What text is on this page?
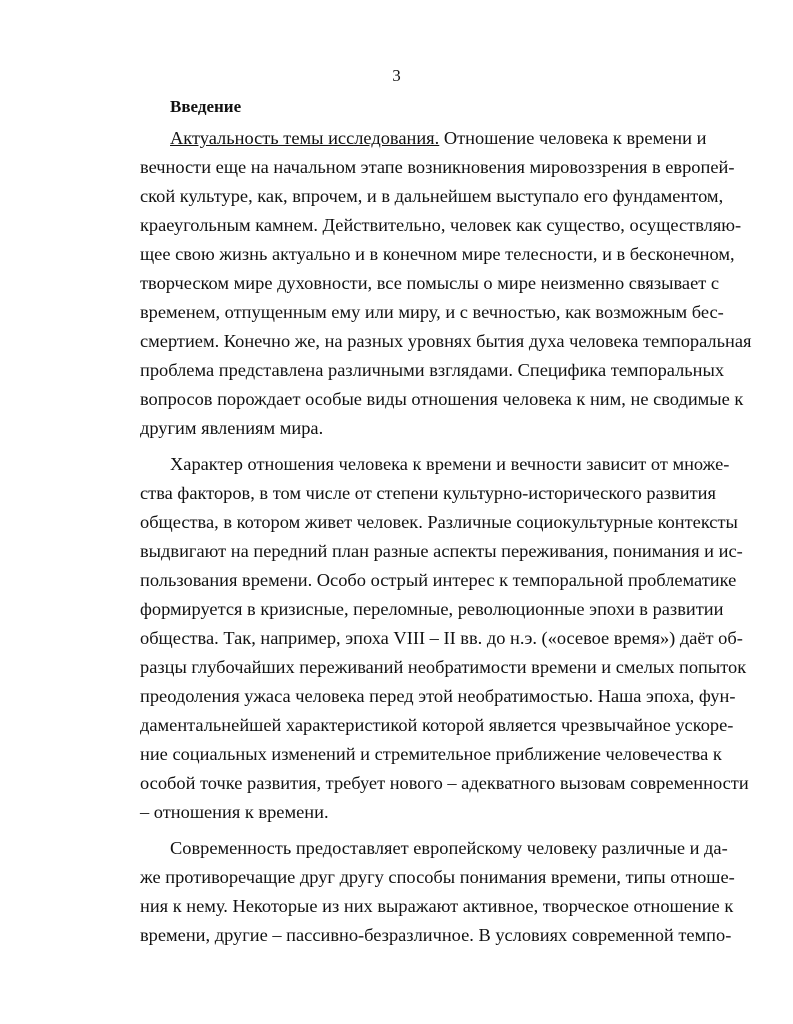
3
Введение
Актуальность темы исследования. Отношение человека к времени и
вечности еще на начальном этапе возникновения мировоззрения в европей-
ской культуре, как, впрочем, и в дальнейшем выступало его фундаментом,
краеугольным камнем. Действительно, человек как существо, осуществляю-
щее свою жизнь актуально и в конечном мире телесности, и в бесконечном,
творческом мире духовности, все помыслы о мире неизменно связывает с
временем, отпущенным ему или миру, и с вечностью, как возможным бес-
смертием. Конечно же, на разных уровнях бытия духа человека темпоральная
проблема представлена различными взглядами. Специфика темпоральных
вопросов порождает особые виды отношения человека к ним, не сводимые к
другим явлениям мира.
Характер отношения человека к времени и вечности зависит от множе-
ства факторов, в том числе от степени культурно-исторического развития
общества, в котором живет человек. Различные социокультурные контексты
выдвигают на передний план разные аспекты переживания, понимания и ис-
пользования времени. Особо острый интерес к темпоральной проблематике
формируется в кризисные, переломные, революционные эпохи в развитии
общества. Так, например, эпоха VIII – II вв. до н.э. («осевое время») даёт об-
разцы глубочайших переживаний необратимости времени и смелых попыток
преодоления ужаса человека перед этой необратимостью. Наша эпоха, фун-
даментальнейшей характеристикой которой является чрезвычайное ускоре-
ние социальных изменений и стремительное приближение человечества к
особой точке развития, требует нового – адекватного вызовам современности
– отношения к времени.
Современность предоставляет европейскому человеку различные и да-
же противоречащие друг другу способы понимания времени, типы отноше-
ния к нему. Некоторые из них выражают активное, творческое отношение к
времени, другие – пассивно-безразличное. В условиях современной темпо-
